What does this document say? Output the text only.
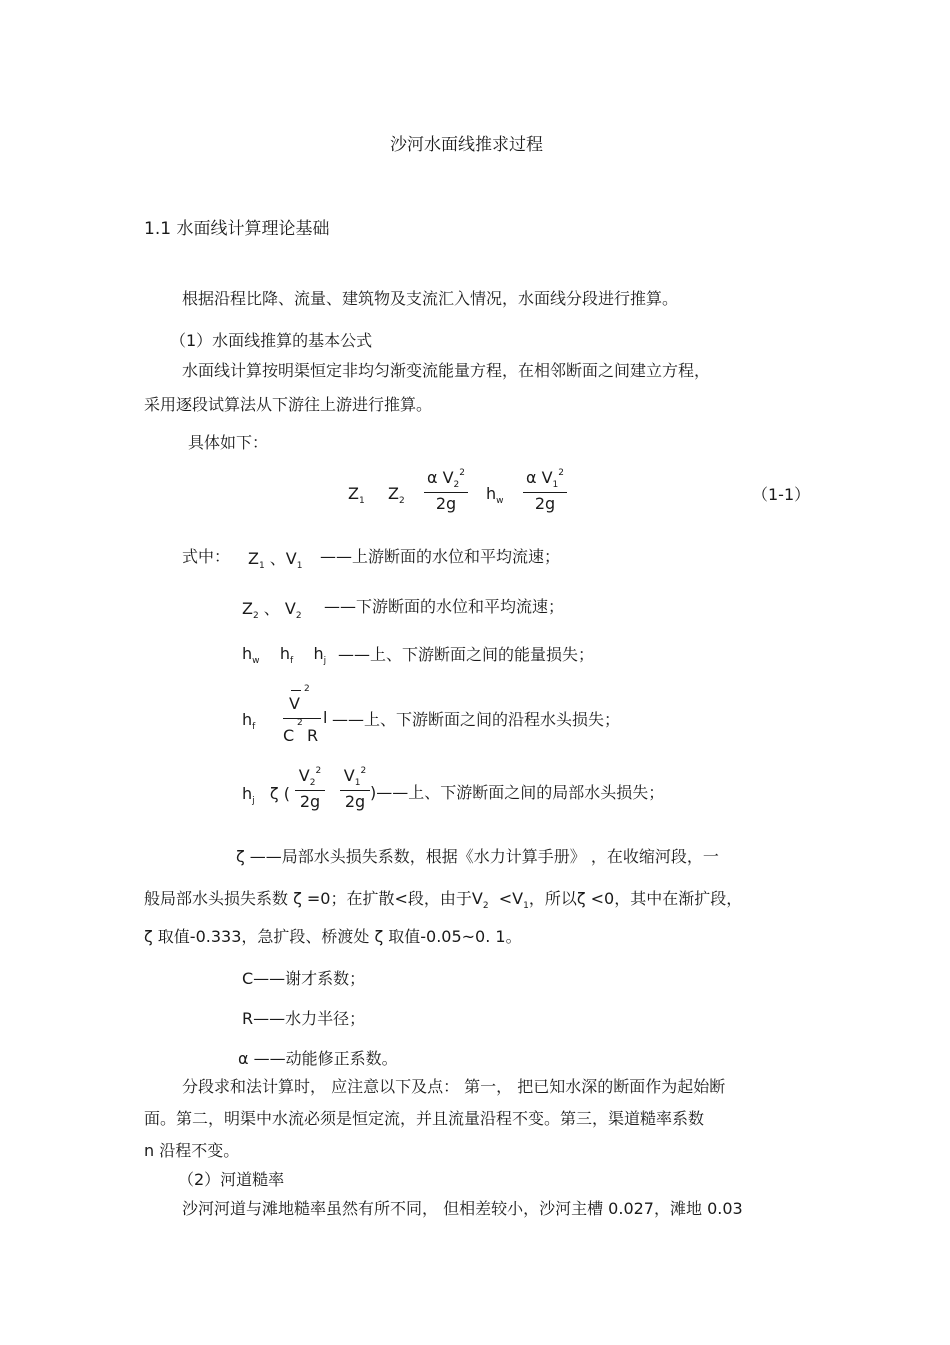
沙河水面线推求过程
1.1 水面线计算理论基础
根据沿程比降、流量、建筑物及支流汇入情况，水面线分段进行推算。
（1）水面线推算的基本公式
水面线计算按明渠恒定非均匀渐变流能量方程，在相邻断面之间建立方程，
采用逐段试算法从下游往上游进行推算。
具体如下：
$Z_1$ $Z_2$
α $V_2^2$
2g
$h_w$
α $V_1^2$
2g	（1-1）
式中： $Z_1$ 、$V_1$ ——上游断面的水位和平均流速；
$Z_2$ 、 $V_2$ ——下游断面的水位和平均流速；
$h_w$    $h_f$    $h_j$ ——上、下游断面之间的能量损失；
$h_f$
2
V
C
2
R
l ——上、下游断面之间的沿程水头损失；
$h_j$   ζ (
$V_2^2$
2g
$V_1^2$
2g )——上、下游断面之间的局部水头损失；
ζ ——局部水头损失系数，根据《水力计算手册》 ，在收缩河段，一
般局部水头损失系数 ζ =0；在扩散<段，由于$V_2 <V_1$，所以ζ <0，其中在渐扩段，
ζ 取值-0.333，急扩段、桥渡处 ζ 取值-0.05~0. 1。
C——谢才系数；
R——水力半径；
α ——动能修正系数。
分段求和法计算时， 应注意以下及点： 第一， 把已知水深的断面作为起始断
面。第二，明渠中水流必须是恒定流，并且流量沿程不变。第三，渠道糙率系数
n 沿程不变。
（2）河道糙率
沙河河道与滩地糙率虽然有所不同， 但相差较小，沙河主槽 0.027，滩地 0.03
